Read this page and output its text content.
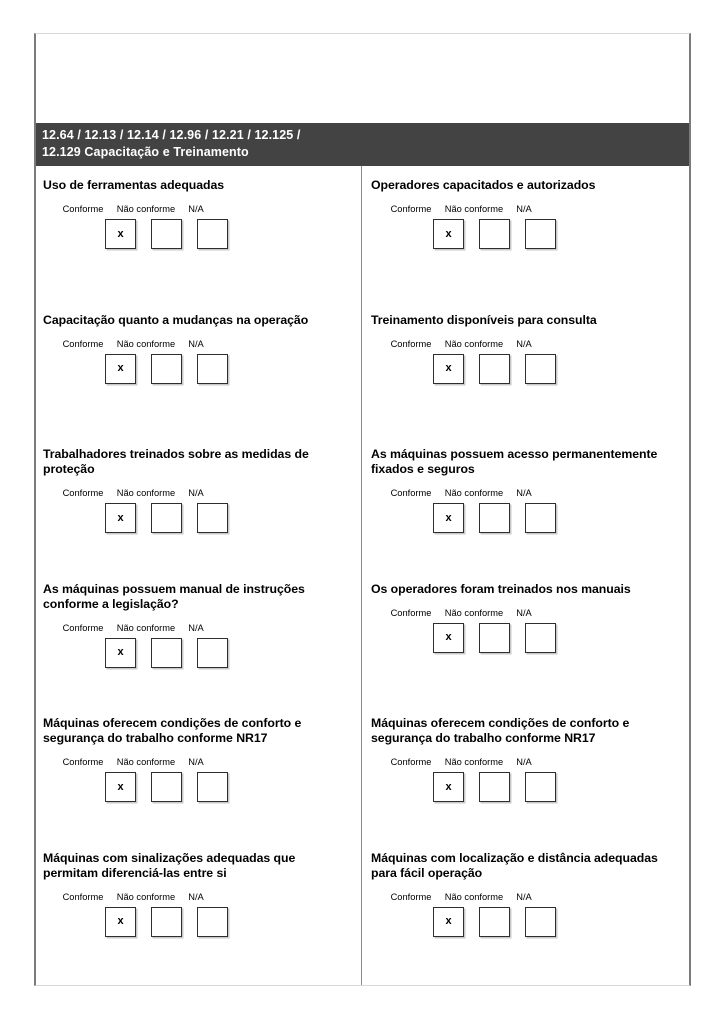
12.64 / 12.13 / 12.14 / 12.96 / 12.21 / 12.125 /
12.129 Capacitação e Treinamento
Uso de ferramentas adequadas
Conforme	Não conforme	N/A
x
Capacitação quanto a mudanças na operação
Conforme	Não conforme	N/A
x
Trabalhadores treinados sobre as medidas de proteção
Conforme	Não conforme	N/A
x
As máquinas possuem manual de instruções conforme a legislação?
Conforme	Não conforme	N/A
x
Máquinas oferecem condições de conforto e segurança do trabalho conforme NR17
Conforme	Não conforme	N/A
x
Máquinas com sinalizações adequadas que permitam diferenciá-las entre si
Conforme	Não conforme	N/A
x
Operadores capacitados e autorizados
Conforme	Não conforme	N/A
x
Treinamento disponíveis para consulta
Conforme	Não conforme	N/A
x
As máquinas possuem acesso permanentemente fixados e seguros
Conforme	Não conforme	N/A
x
Os operadores foram treinados nos manuais
Conforme	Não conforme	N/A
x
Máquinas oferecem condições de conforto e segurança do trabalho conforme NR17
Conforme	Não conforme	N/A
x
Máquinas com localização e distância adequadas para fácil operação
Conforme	Não conforme	N/A
x
